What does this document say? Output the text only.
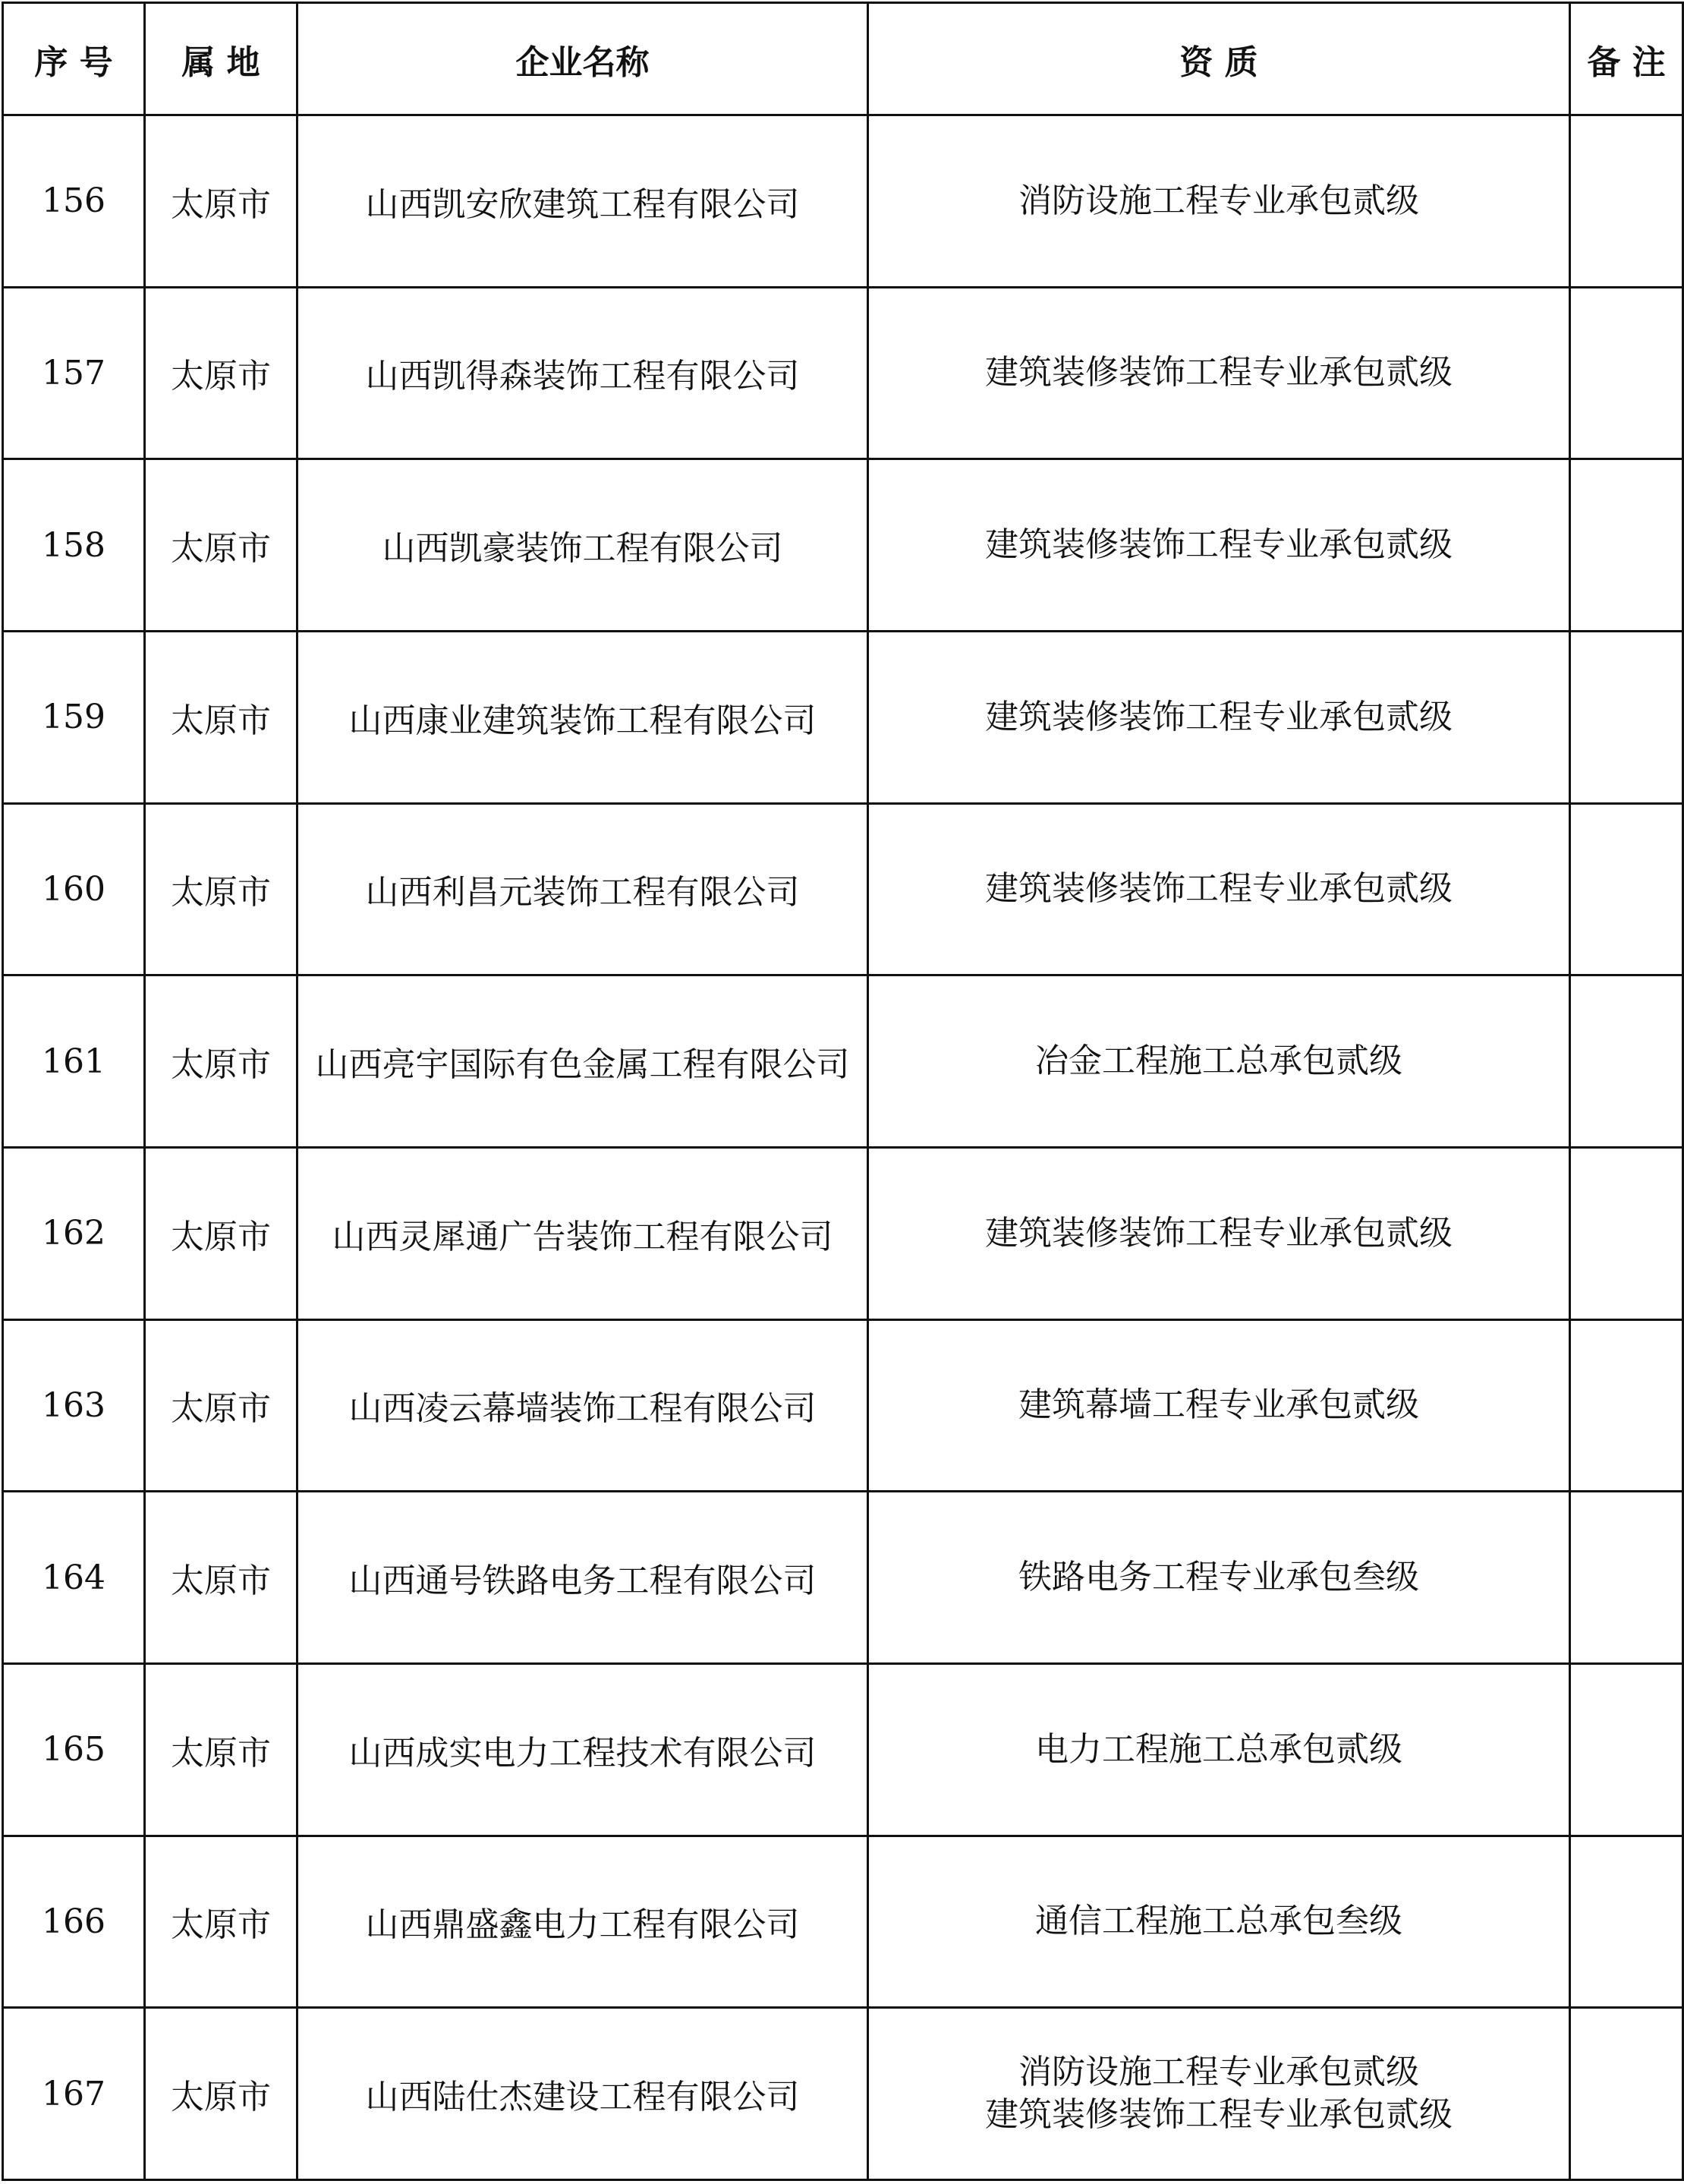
序 号	属 地	企业名称	资 质	备 注
156	太原市	山西凯安欣建筑工程有限公司	消防设施工程专业承包贰级	

157	太原市	山西凯得森装饰工程有限公司	建筑装修装饰工程专业承包贰级	

158	太原市	山西凯豪装饰工程有限公司	建筑装修装饰工程专业承包贰级	

159	太原市	山西康业建筑装饰工程有限公司	建筑装修装饰工程专业承包贰级	

160	太原市	山西利昌元装饰工程有限公司	建筑装修装饰工程专业承包贰级	

161	太原市	山西亮宇国际有色金属工程有限公司	冶金工程施工总承包贰级	

162	太原市	山西灵犀通广告装饰工程有限公司	建筑装修装饰工程专业承包贰级	

163	太原市	山西凌云幕墙装饰工程有限公司	建筑幕墙工程专业承包贰级	

164	太原市	山西通号铁路电务工程有限公司	铁路电务工程专业承包叁级	

165	太原市	山西成实电力工程技术有限公司	电力工程施工总承包贰级	

166	太原市	山西鼎盛鑫电力工程有限公司	通信工程施工总承包叁级	

167	太原市	山西陆仕杰建设工程有限公司	消防设施工程专业承包贰级
建筑装修装饰工程专业承包贰级	
